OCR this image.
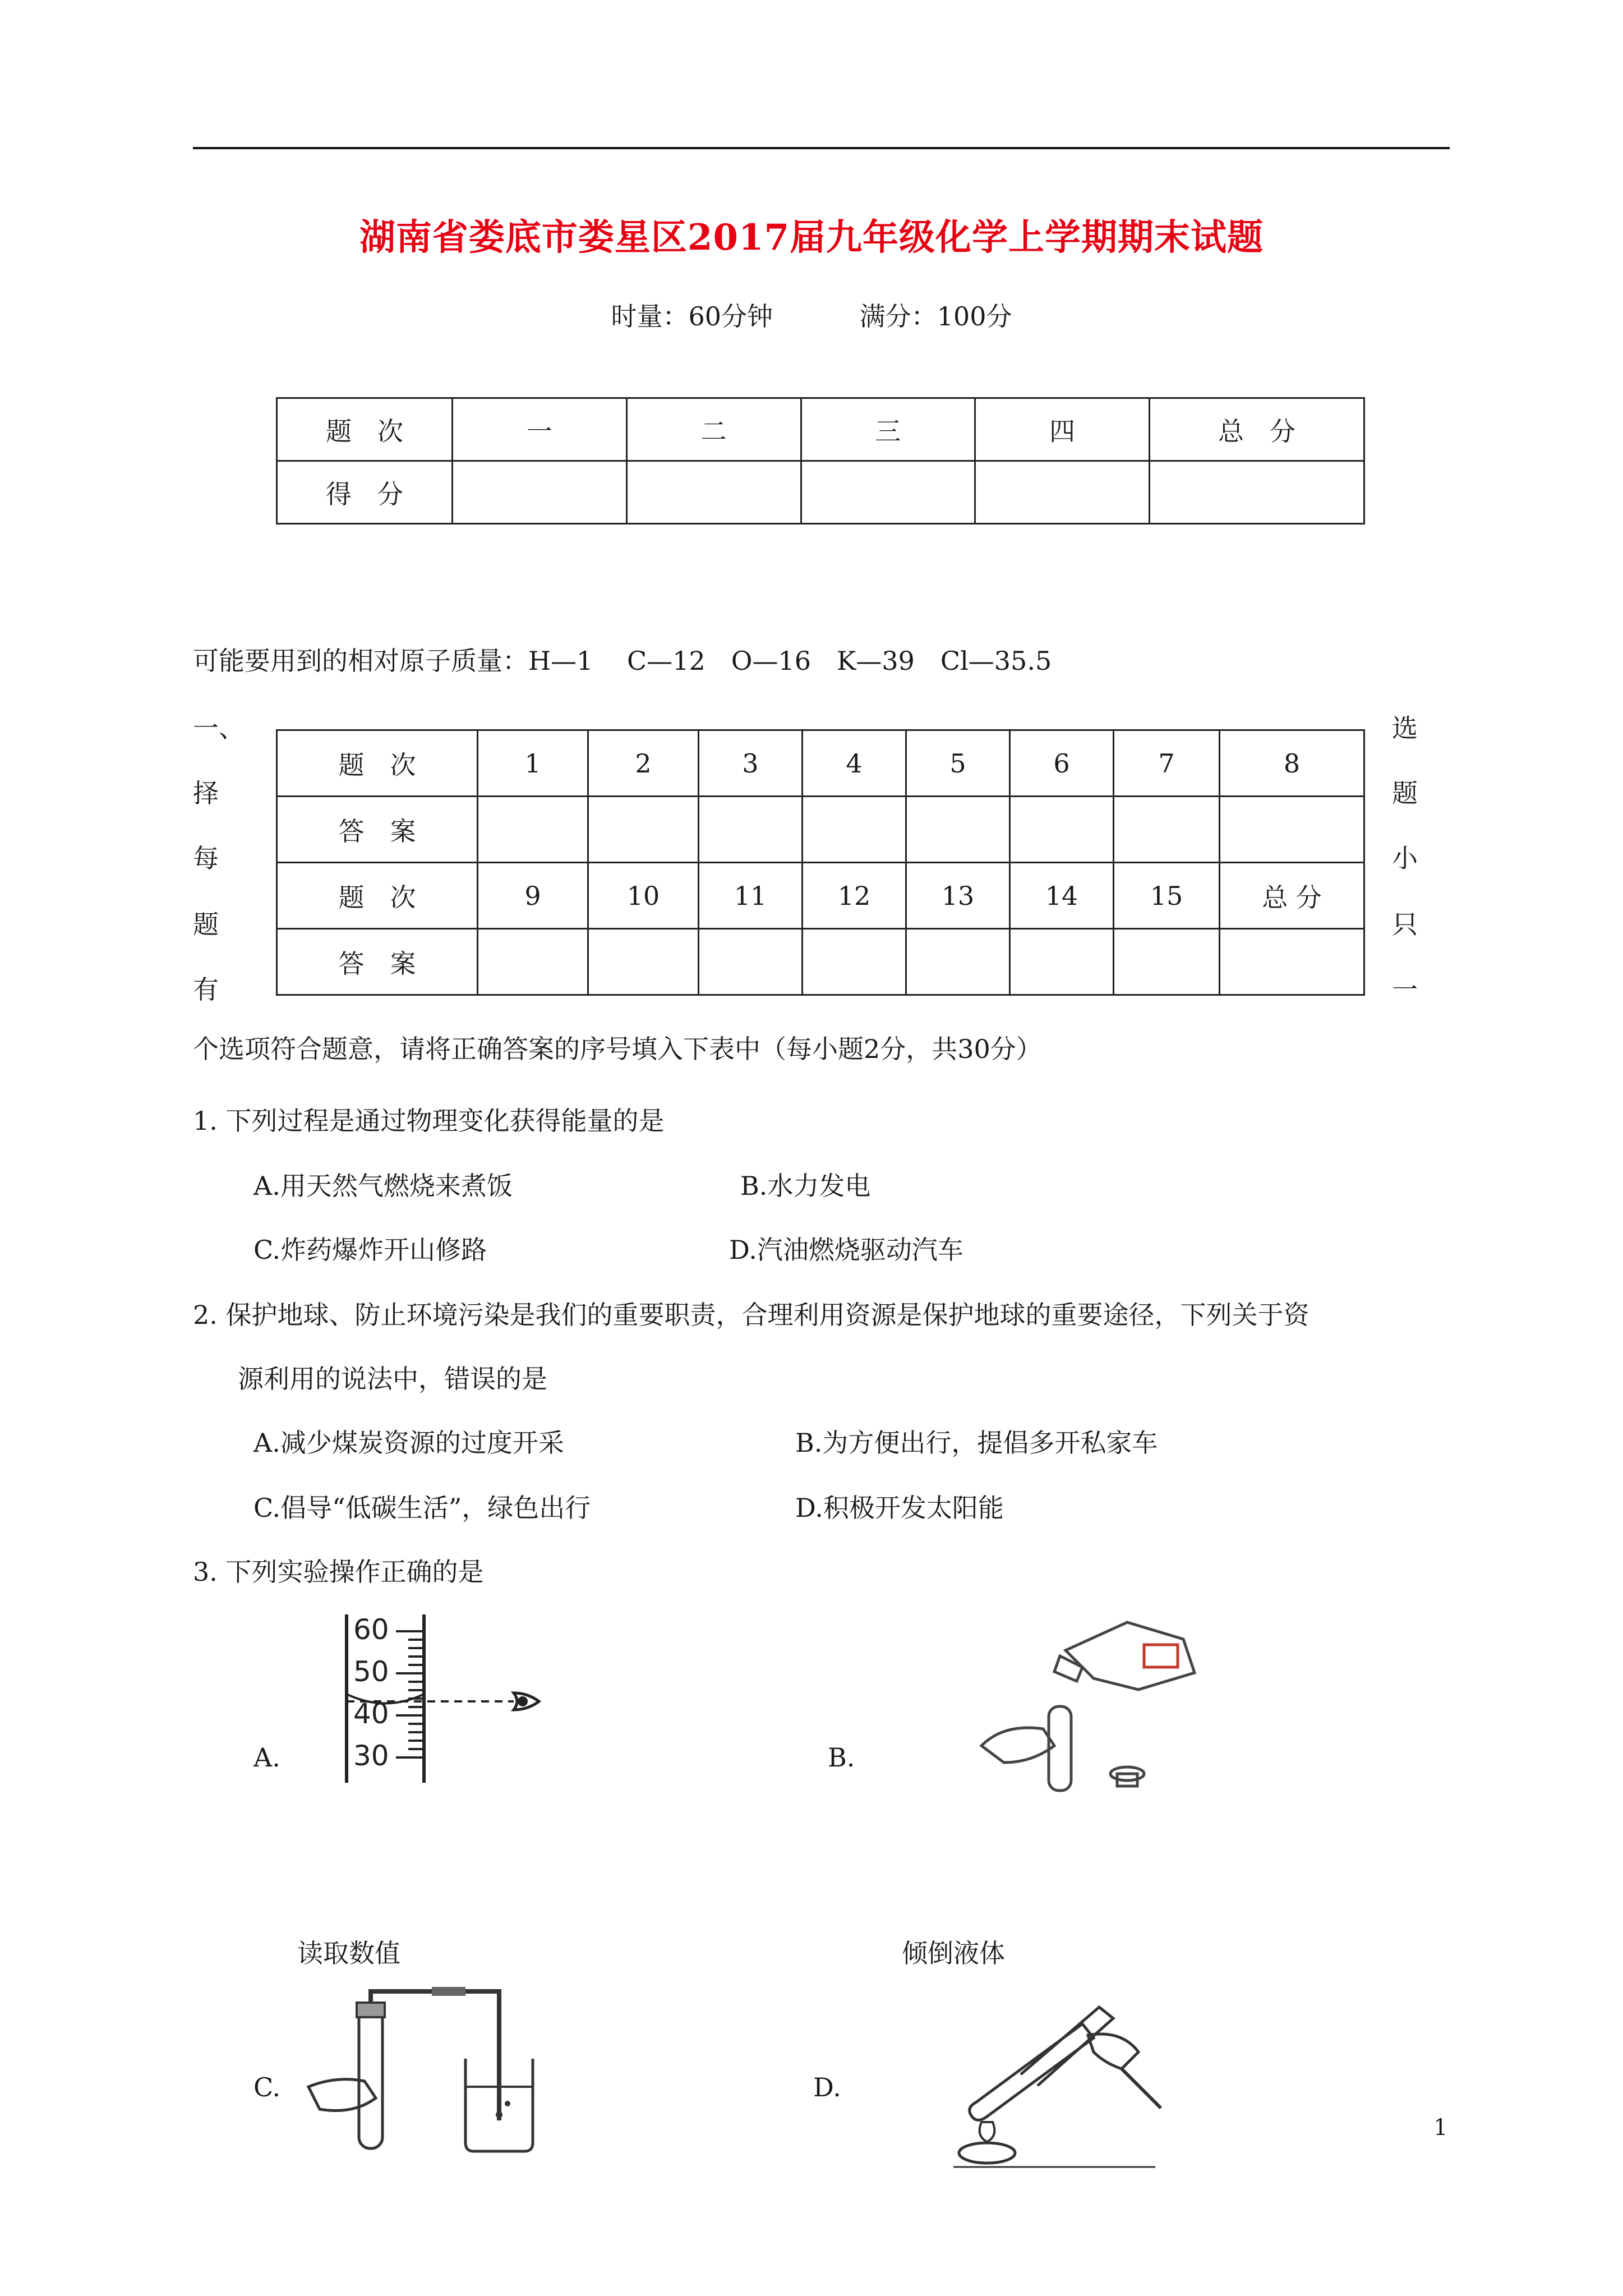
湖南省娄底市娄星区2017届九年级化学上学期期末试题
时量：60分钟	满分：100分
题　次	一	二	三	四	总　分
得　分					
可能要用到的相对原子质量：H—1　 C—12　O—16　K—39　Cl—35.5
一、
择
每
题
有
选
题
小
只
一
题　次	1	2	3	4	5	6	7	8
答　案								
题　次	9	10	11	12	13	14	15	总 分
答　案								
个选项符合题意，请将正确答案的序号填入下表中（每小题2分，共30分）
1. 下列过程是通过物理变化获得能量的是
A.用天然气燃烧来煮饭	B.水力发电
C.炸药爆炸开山修路	D.汽油燃烧驱动汽车
2. 保护地球、防止环境污染是我们的重要职责，合理利用资源是保护地球的重要途径，下列关于资
源利用的说法中，错误的是
A.减少煤炭资源的过度开采	B.为方便出行，提倡多开私家车
C.倡导“低碳生活”，绿色出行	D.积极开发太阳能
3. 下列实验操作正确的是
A.
60
50
40
30
读取数值
B.
倾倒液体
C.	D.
1
